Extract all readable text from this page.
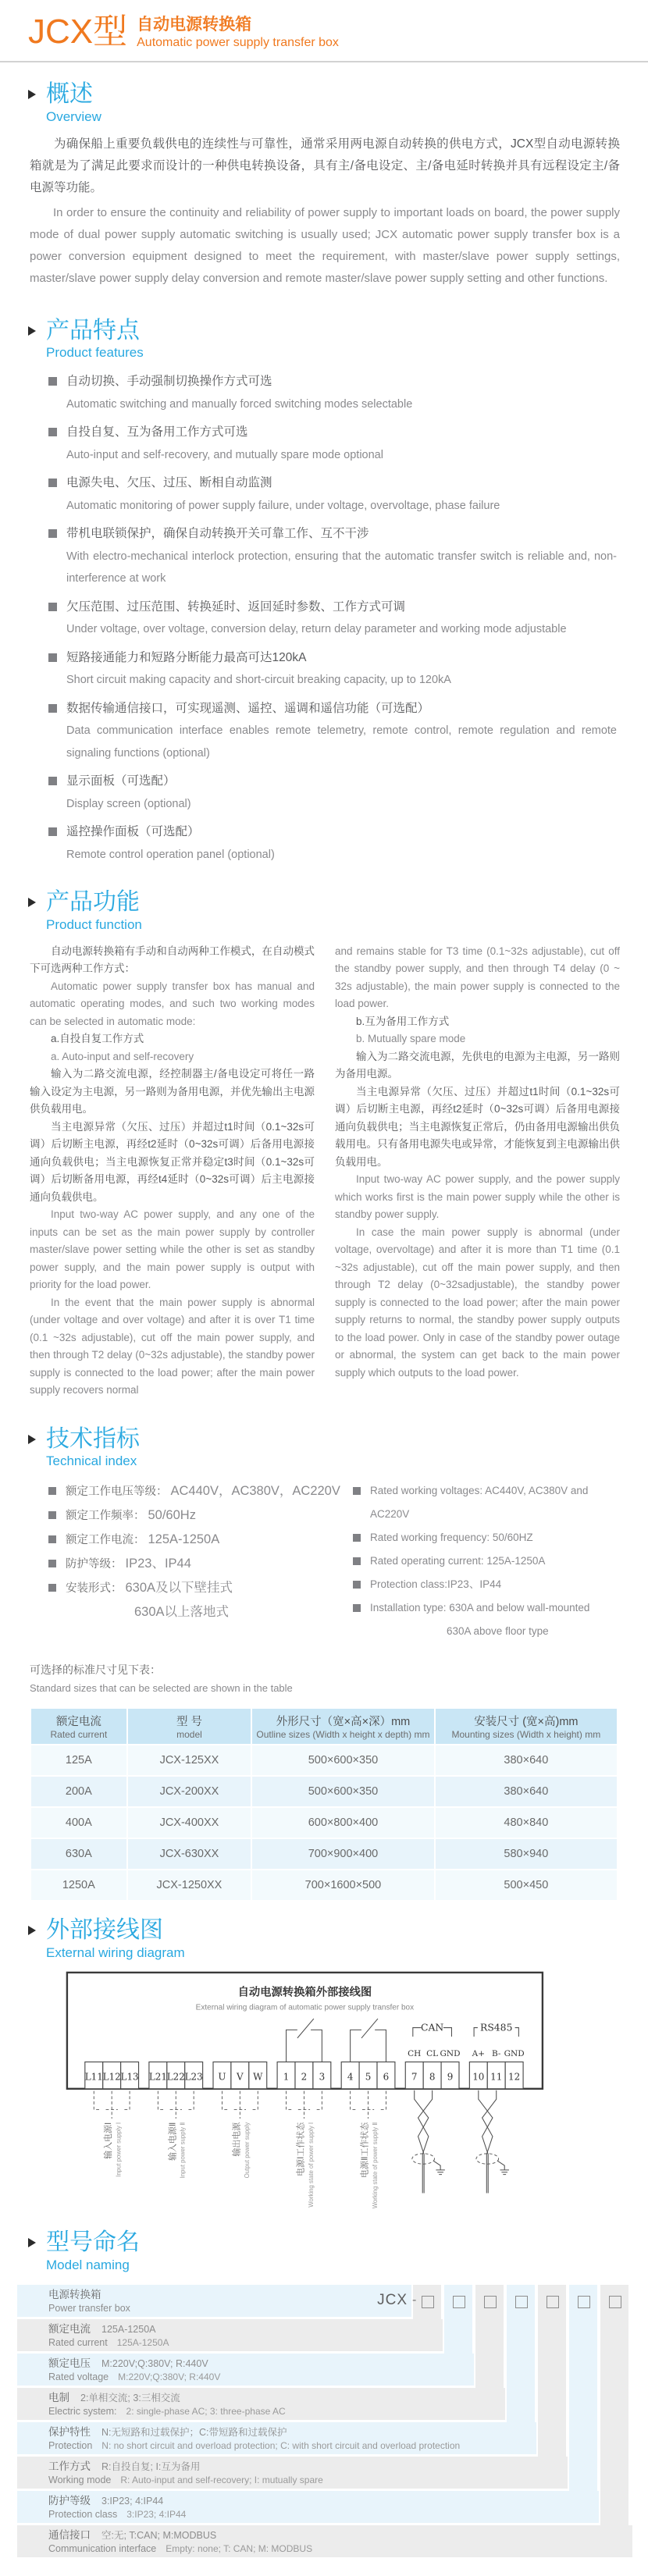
JCX型 自动电源转换箱
Automatic power supply transfer box
概述
Overview

为确保船上重要负载供电的连续性与可靠性，通常采用两电源自动转换的供电方式，JCX型自动电源转换箱就是为了满足此要求而设计的一种供电转换设备，具有主/备电设定、主/备电延时转换并具有远程设定主/备电源等功能。

In order to ensure the continuity and reliability of power supply to important loads on board, the power supply mode of dual power supply automatic switching is usually used; JCX automatic power supply transfer box is a power conversion equipment designed to meet the requirement, with master/slave power supply settings, master/slave power supply delay conversion and remote master/slave power supply setting and other functions.

产品特点
Product features
自动切换、手动强制切换操作方式可选
Automatic switching and manually forced switching modes selectable
自投自复、互为备用工作方式可选
Auto-input and self-recovery, and mutually spare mode optional
电源失电、欠压、过压、断相自动监测
Automatic monitoring of power supply failure, under voltage, overvoltage, phase failure
带机电联锁保护，确保自动转换开关可靠工作、互不干涉
With electro-mechanical interlock protection, ensuring that the automatic transfer switch is reliable and, non-interference at work
欠压范围、过压范围、转换延时、返回延时参数、工作方式可调
Under voltage, over voltage, conversion delay, return delay parameter and working mode adjustable
短路接通能力和短路分断能力最高可达120kA
Short circuit making capacity and short-circuit breaking capacity, up to 120kA
数据传输通信接口，可实现遥测、遥控、遥调和遥信功能（可选配）
Data communication interface enables remote telemetry, remote control, remote regulation and remote signaling functions (optional)
显示面板（可选配）
Display screen (optional)
遥控操作面板（可选配）
Remote control operation panel (optional)
产品功能
Product function

自动电源转换箱有手动和自动两种工作模式，在自动模式下可选两种工作方式：

Automatic power supply transfer box has manual and automatic operating modes, and such two working modes can be selected in automatic mode:

a.自投自复工作方式

a. Auto-input and self-recovery

输入为二路交流电源，经控制器主/备电设定可将任一路输入设定为主电源，另一路则为备用电源，并优先输出主电源供负载用电。

当主电源异常（欠压、过压）并超过t1时间（0.1~32s可调）后切断主电源，再经t2延时（0~32s可调）后备用电源接通向负载供电；当主电源恢复正常并稳定t3时间（0.1~32s可调）后切断备用电源，再经t4延时（0~32s可调）后主电源接通向负载供电。

Input two-way AC power supply, and any one of the inputs can be set as the main power supply by controller master/slave power setting while the other is set as standby power supply, and the main power supply is output with priority for the load power.

In the event that the main power supply is abnormal (under voltage and over voltage) and after it is over T1 time (0.1 ~32s adjustable), cut off the main power supply, and then through T2 delay (0~32s adjustable), the standby power supply is connected to the load power; after the main power supply recovers normal

and remains stable for T3 time (0.1~32s adjustable), cut off the standby power supply, and then through T4 delay (0 ~ 32s adjustable), the main power supply is connected to the load power.

b.互为备用工作方式

b. Mutually spare mode

输入为二路交流电源，先供电的电源为主电源，另一路则为备用电源。

当主电源异常（欠压、过压）并超过t1时间（0.1~32s可调）后切断主电源，再经t2延时（0~32s可调）后备用电源接通向负载供电；当主电源恢复正常后，仍由备用电源输出供负载用电。只有备用电源失电或异常，才能恢复到主电源输出供负载用电。

Input two-way AC power supply, and the power supply which works first is the main power supply while the other is standby power supply.

In case the main power supply is abnormal (under voltage, overvoltage) and after it is more than T1 time (0.1 ~32s adjustable), cut off the main power supply, and then through T2 delay (0~32sadjustable), the standby power supply is connected to the load power; after the main power supply returns to normal, the standby power supply outputs to the load power. Only in case of the standby power outage or abnormal, the system can get back to the main power supply which outputs to the load power.

技术指标
Technical index
额定工作电压等级： AC440V，AC380V，AC220V
额定工作频率： 50/60Hz
额定工作电流： 125A-1250A
防护等级： IP23、IP44
安装形式： 630A及以下壁挂式
630A以上落地式
Rated working voltages: AC440V, AC380V and AC220V
Rated working frequency: 50/60HZ
Rated operating current: 125A-1250A
Protection class:IP23、IP44
Installation type: 630A and below wall-mounted
630A above floor type
可选择的标准尺寸见下表：
Standard sizes that can be selected are shown in the table
额定电流
Rated current	型 号
model	外形尺寸（宽×高×深）mm
Outline sizes (Width x height x depth) mm	安装尺寸 (宽×高)mm
Mounting sizes (Width x height) mm

125A	JCX-125XX	500×600×350	380×640
200A	JCX-200XX	500×600×350	380×640
400A	JCX-400XX	600×800×400	480×840
630A	JCX-630XX	700×900×400	580×940
1250A	JCX-1250XX	700×1600×500	500×450
外部接线图
External wiring diagram
自动电源转换箱外部接线图
External wiring diagram of automatic power supply transfer box
CAN	RS485
CH CL GND A+ B- GND
L11 L12 L13 L21 L22 L23 U V W 1 2 3 4 5 6 7 8 9 10 11 12
输入电源Ⅰ Input power supply Ⅰ	输入电源Ⅱ Input power supply Ⅱ	输出电源 Output power supply	电源Ⅰ工作状态 Working state of power supply Ⅰ	电源Ⅱ工作状态 Working state of power supply Ⅱ
型号命名
Model naming
电源转换箱
Power transfer box
额定电流 125A-1250A
Rated current 125A-1250A
额定电压 M:220V;Q:380V; R:440V
Rated voltage M:220V;Q:380V; R:440V
电制 2:单相交流; 3:三相交流
Electric system: 2: single-phase AC; 3: three-phase AC
保护特性 N:无短路和过载保护；C:带短路和过载保护
Protection N: no short circuit and overload protection; C: with short circuit and overload protection
工作方式 R:自投自复; I:互为备用
Working mode R: Auto-input and self-recovery; I: mutually spare
防护等级 3:IP23; 4:IP44
Protection class 3:IP23; 4:IP44
通信接口 空:无; T:CAN; M:MODBUS
Communication interface Empty: none; T: CAN; M: MODBUS
JCX -
